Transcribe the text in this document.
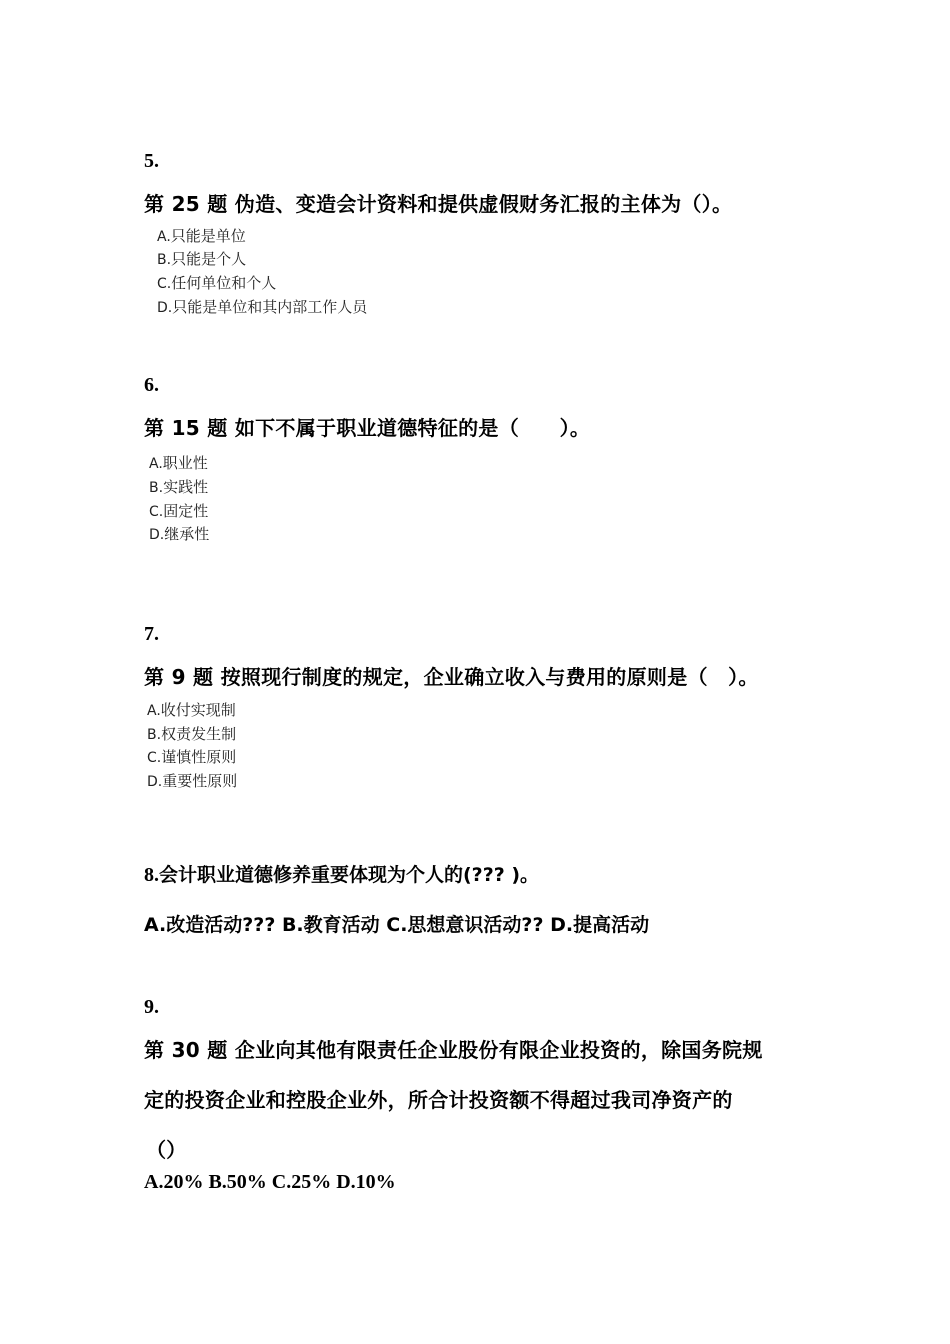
5.
第 25 题 伪造、变造会计资料和提供虚假财务汇报的主体为（）。
A.只能是单位
B.只能是个人
C.任何单位和个人
D.只能是单位和其内部工作人员
6.
第 15 题 如下不属于职业道德特征的是（　　）。
A.职业性
B.实践性
C.固定性
D.继承性
7.
第 9 题 按照现行制度的规定，企业确立收入与费用的原则是（　）。
A.收付实现制
B.权责发生制
C.谨慎性原则
D.重要性原则
8.会计职业道德修养重要体现为个人的(??? )。
A.改造活动??? B.教育活动 C.思想意识活动?? D.提高活动
9.
第 30 题 企业向其他有限责任企业股份有限企业投资的，除国务院规
定的投资企业和控股企业外，所合计投资额不得超过我司净资产的
（）
A.20% B.50% C.25% D.10%
